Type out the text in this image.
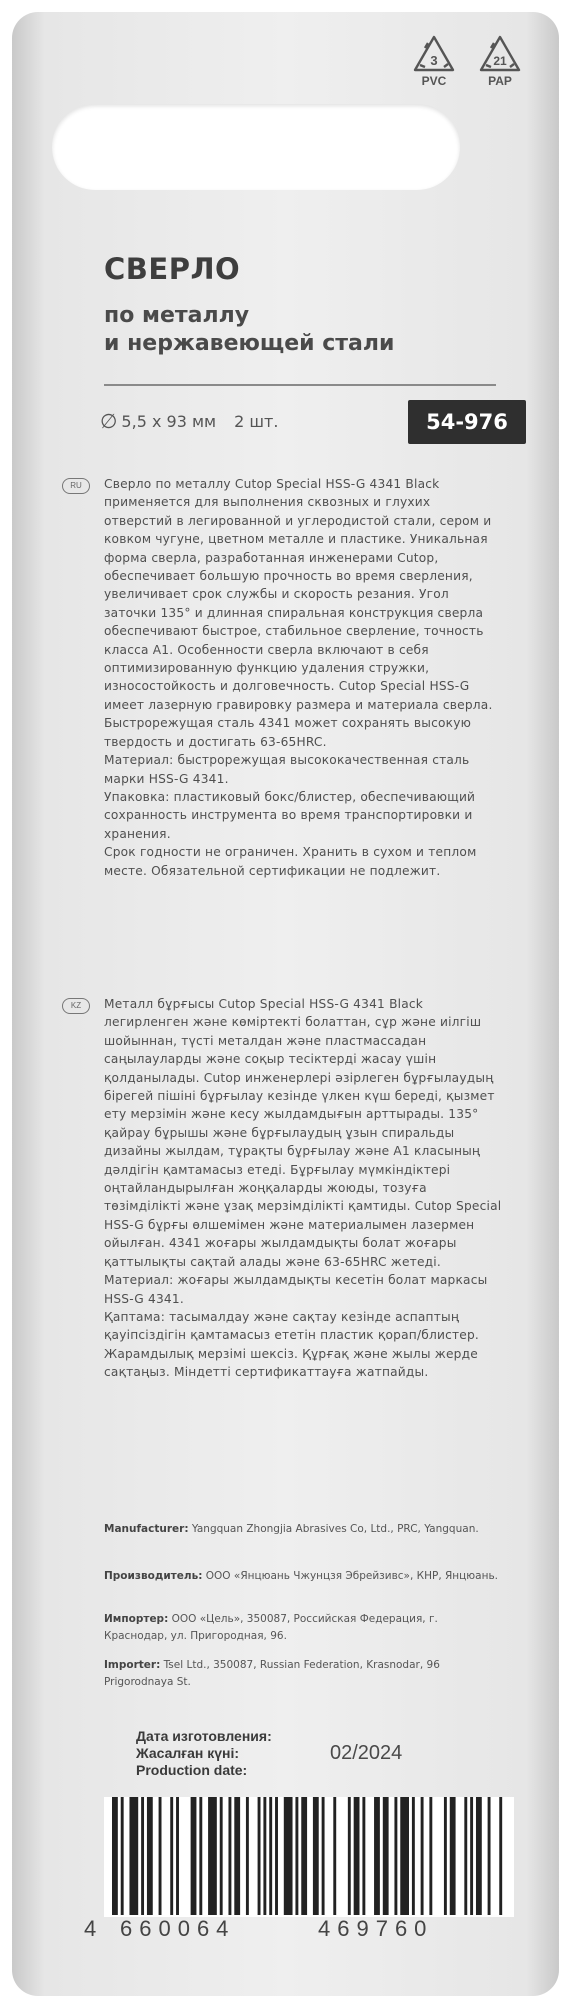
3
PVC
21
PAP
СВЕРЛО
по металлу
и нержавеющей стали
∅ 5,5 х 93 мм 2 шт.	54-976
RU	Сверло по металлу Cutop Special HSS-G 4341 Black применяется для выполнения сквозных и глухих отверстий в легированной и углеродистой стали, сером и ковком чугуне, цветном металле и пластике. Уникальная форма сверла, разработанная инженерами Cutop, обеспечивает большую прочность во время сверления, увеличивает срок службы и скорость резания. Угол заточки 135° и длинная спиральная конструкция сверла обеспечивают быстрое, стабильное сверление, точность класса А1. Особенности сверла включают в себя оптимизированную функцию удаления стружки, износостойкость и долговечность. Cutop Special HSS-G имеет лазерную гравировку размера и материала сверла. Быстрорежущая сталь 4341 может сохранять высокую твердость и достигать 63-65HRC.

Материал: быстрорежущая высококачественная сталь марки HSS-G 4341.

Упаковка: пластиковый бокс/блистер, обеспечивающий сохранность инструмента во время транспортировки и хранения.

Срок годности не ограничен. Хранить в сухом и теплом месте. Обязательной сертификации не подлежит.

KZ	Металл бұрғысы Cutop Special HSS-G 4341 Black легирленген және көміртекті болаттан, сұр және иілгіш шойыннан, түсті металдан және пластмассадан саңылауларды және соқыр тесіктерді жасау үшін қолданылады. Cutop инженерлері әзірлеген бұрғылаудың бірегей пішіні бұрғылау кезінде үлкен күш береді, қызмет ету мерзімін және кесу жылдамдығын арттырады. 135° қайрау бұрышы және бұрғылаудың ұзын спиральды дизайны жылдам, тұрақты бұрғылау және А1 класының дәлдігін қамтамасыз етеді. Бұрғылау мүмкіндіктері оңтайландырылған жоңқаларды жоюды, тозуға төзімділікті және ұзақ мерзімділікті қамтиды. Cutop Special HSS-G бұрғы өлшемімен және материалымен лазермен ойылған. 4341 жоғары жылдамдықты болат жоғары қаттылықты сақтай алады және 63-65HRC жетеді.

Материал: жоғары жылдамдықты кесетін болат маркасы HSS-G 4341.

Қаптама: тасымалдау және сақтау кезінде аспаптың қауіпсіздігін қамтамасыз ететін пластик қорап/блистер.

Жарамдылық мерзімі шексіз. Құрғақ және жылы жерде сақтаңыз. Міндетті сертификаттауға жатпайды.

Manufacturer: Yangquan Zhongjia Abrasives Co, Ltd., PRC, Yangquan.
Производитель: ООО «Янцюань Чжунцзя Эбрейзивс», КНР, Янцюань.
Импортер: ООО «Цель», 350087, Российская Федерация, г. Краснодар, ул. Пригородная, 96.
Importer: Tsel Ltd., 350087, Russian Federation, Krasnodar, 96 Prigorodnaya St.
Дата изготовления:
Жасалған күні:
Production date:
02/2024
4 660064	469760
